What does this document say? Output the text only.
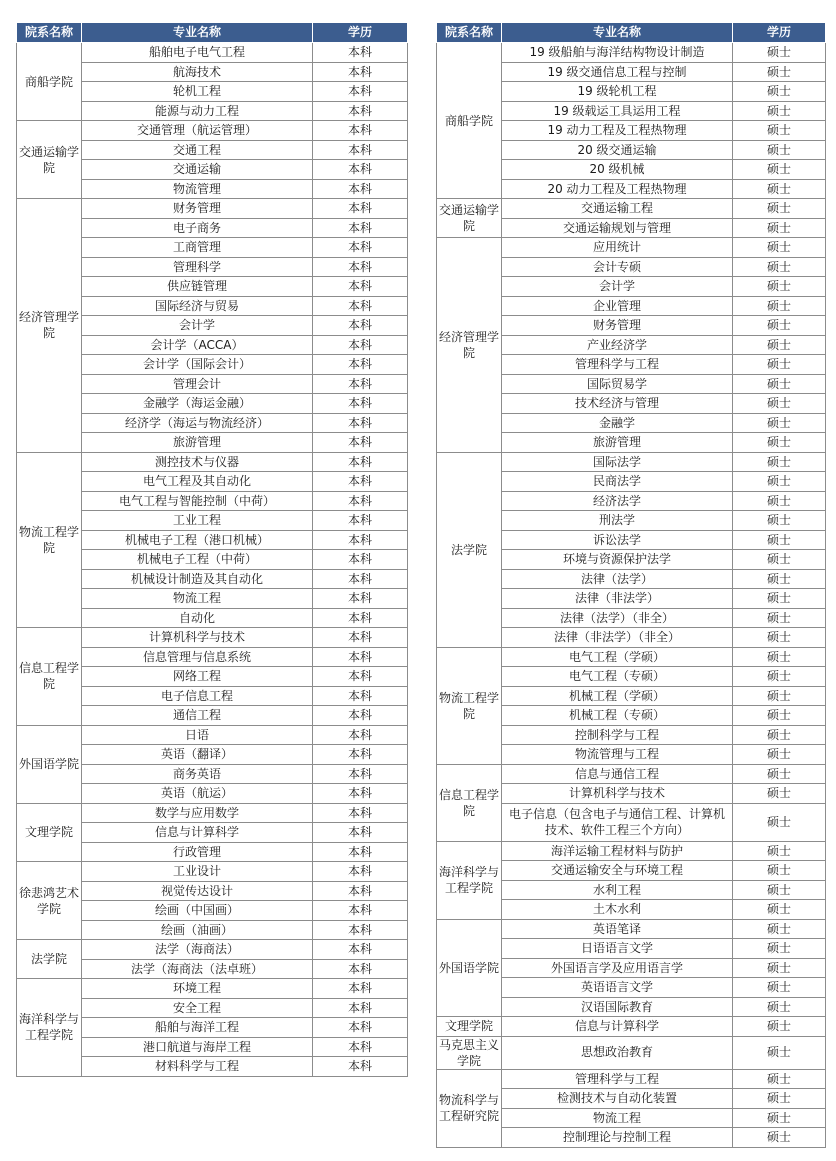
院系名称	专业名称	学历
商船学院	船舶电子电气工程	本科
	航海技术	本科
	轮机工程	本科
	能源与动力工程	本科
交通运输学院	交通管理（航运管理）	本科
	交通工程	本科
	交通运输	本科
	物流管理	本科
经济管理学院	财务管理	本科
	电子商务	本科
	工商管理	本科
	管理科学	本科
	供应链管理	本科
	国际经济与贸易	本科
	会计学	本科
	会计学（ACCA）	本科
	会计学（国际会计）	本科
	管理会计	本科
	金融学（海运金融）	本科
	经济学（海运与物流经济）	本科
	旅游管理	本科
物流工程学院	测控技术与仪器	本科
	电气工程及其自动化	本科
	电气工程与智能控制（中荷）	本科
	工业工程	本科
	机械电子工程（港口机械）	本科
	机械电子工程（中荷）	本科
	机械设计制造及其自动化	本科
	物流工程	本科
	自动化	本科
信息工程学院	计算机科学与技术	本科
	信息管理与信息系统	本科
	网络工程	本科
	电子信息工程	本科
	通信工程	本科
外国语学院	日语	本科
	英语（翻译）	本科
	商务英语	本科
	英语（航运）	本科
文理学院	数学与应用数学	本科
	信息与计算科学	本科
	行政管理	本科
徐悲鸿艺术学院	工业设计	本科
	视觉传达设计	本科
	绘画（中国画）	本科
	绘画（油画）	本科
法学院	法学（海商法）	本科
	法学（海商法（法卓班）	本科
海洋科学与工程学院	环境工程	本科
	安全工程	本科
	船舶与海洋工程	本科
	港口航道与海岸工程	本科
	材料科学与工程	本科
院系名称	专业名称	学历
商船学院	19 级船舶与海洋结构物设计制造	硕士
	19 级交通信息工程与控制	硕士
	19 级轮机工程	硕士
	19 级载运工具运用工程	硕士
	19 动力工程及工程热物理	硕士
	20 级交通运输	硕士
	20 级机械	硕士
	20 动力工程及工程热物理	硕士
交通运输学院	交通运输工程	硕士
	交通运输规划与管理	硕士
经济管理学院	应用统计	硕士
	会计专硕	硕士
	会计学	硕士
	企业管理	硕士
	财务管理	硕士
	产业经济学	硕士
	管理科学与工程	硕士
	国际贸易学	硕士
	技术经济与管理	硕士
	金融学	硕士
	旅游管理	硕士
法学院	国际法学	硕士
	民商法学	硕士
	经济法学	硕士
	刑法学	硕士
	诉讼法学	硕士
	环境与资源保护法学	硕士
	法律（法学）	硕士
	法律（非法学）	硕士
	法律（法学）（非全）	硕士
	法律（非法学）（非全）	硕士
物流工程学院	电气工程（学硕）	硕士
	电气工程（专硕）	硕士
	机械工程（学硕）	硕士
	机械工程（专硕）	硕士
	控制科学与工程	硕士
	物流管理与工程	硕士
信息工程学院	信息与通信工程	硕士
	计算机科学与技术	硕士
	电子信息（包含电子与通信工程、计算机技术、软件工程三个方向）	硕士
海洋科学与工程学院	海洋运输工程材料与防护	硕士
	交通运输安全与环境工程	硕士
	水利工程	硕士
	土木水利	硕士
外国语学院	英语笔译	硕士
	日语语言文学	硕士
	外国语言学及应用语言学	硕士
	英语语言文学	硕士
	汉语国际教育	硕士
文理学院	信息与计算科学	硕士
马克思主义学院	思想政治教育	硕士
物流科学与工程研究院	管理科学与工程	硕士
	检测技术与自动化装置	硕士
	物流工程	硕士
	控制理论与控制工程	硕士
